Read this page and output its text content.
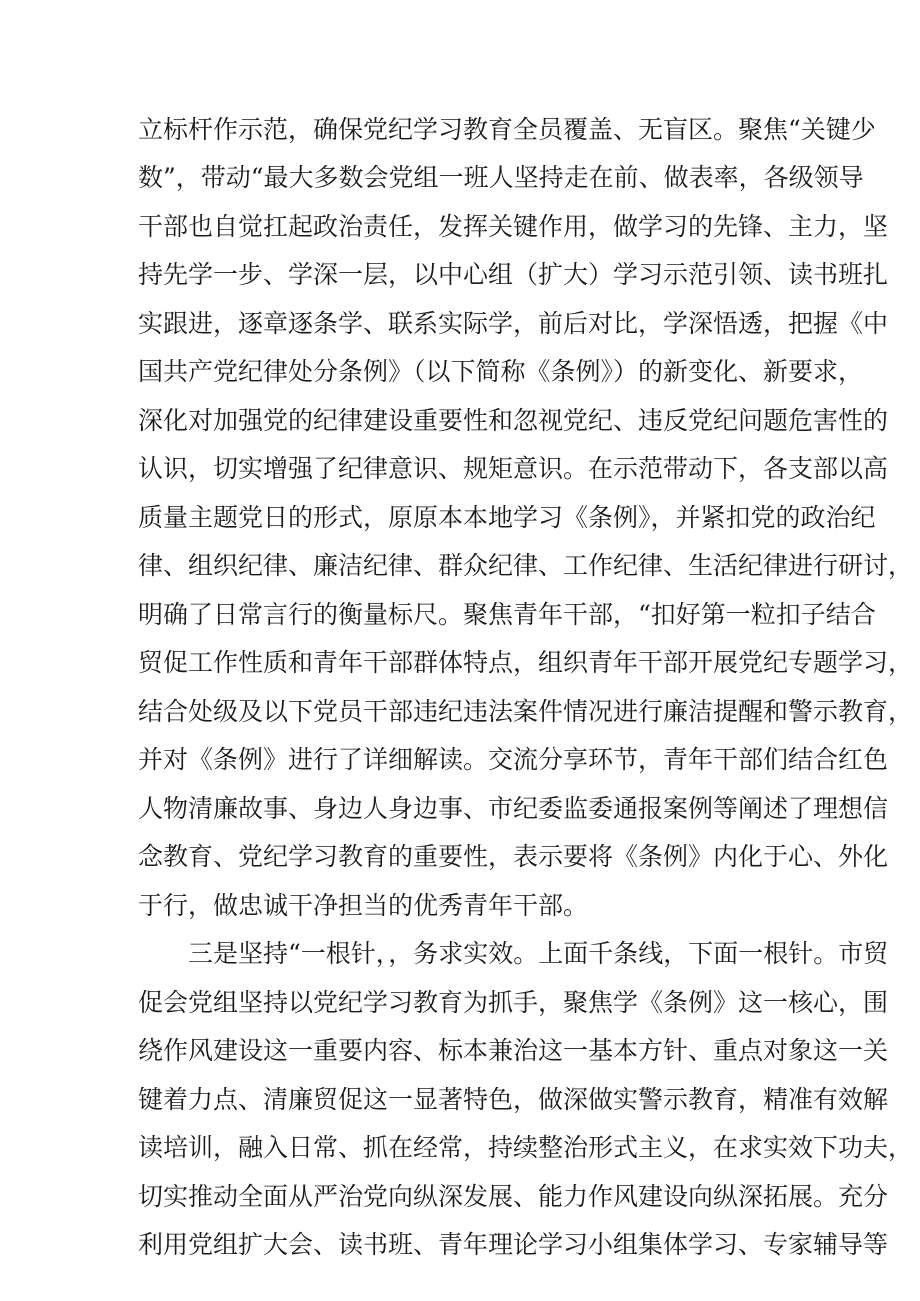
立标杆作示范，确保党纪学习教育全员覆盖、无盲区。聚焦“关键少
数”，带动“最大多数会党组一班人坚持走在前、做表率，各级领导
干部也自觉扛起政治责任，发挥关键作用，做学习的先锋、主力，坚
持先学一步、学深一层，以中心组（扩大）学习示范引领、读书班扎
实跟进，逐章逐条学、联系实际学，前后对比，学深悟透，把握《中
国共产党纪律处分条例》（以下简称《条例》）的新变化、新要求，
深化对加强党的纪律建设重要性和忽视党纪、违反党纪问题危害性的
认识，切实增强了纪律意识、规矩意识。在示范带动下，各支部以高
质量主题党日的形式，原原本本地学习《条例》，并紧扣党的政治纪
律、组织纪律、廉洁纪律、群众纪律、工作纪律、生活纪律进行研讨，
明确了日常言行的衡量标尺。聚焦青年干部，“扣好第一粒扣子结合
贸促工作性质和青年干部群体特点，组织青年干部开展党纪专题学习，
结合处级及以下党员干部违纪违法案件情况进行廉洁提醒和警示教育，
并对《条例》进行了详细解读。交流分享环节，青年干部们结合红色
人物清廉故事、身边人身边事、市纪委监委通报案例等阐述了理想信
念教育、党纪学习教育的重要性，表示要将《条例》内化于心、外化
于行，做忠诚干净担当的优秀青年干部。
三是坚持“一根针，，务求实效。上面千条线，下面一根针。市贸
促会党组坚持以党纪学习教育为抓手，聚焦学《条例》这一核心，围
绕作风建设这一重要内容、标本兼治这一基本方针、重点对象这一关
键着力点、清廉贸促这一显著特色，做深做实警示教育，精准有效解
读培训，融入日常、抓在经常，持续整治形式主义，在求实效下功夫，
切实推动全面从严治党向纵深发展、能力作风建设向纵深拓展。充分
利用党组扩大会、读书班、青年理论学习小组集体学习、专家辅导等
